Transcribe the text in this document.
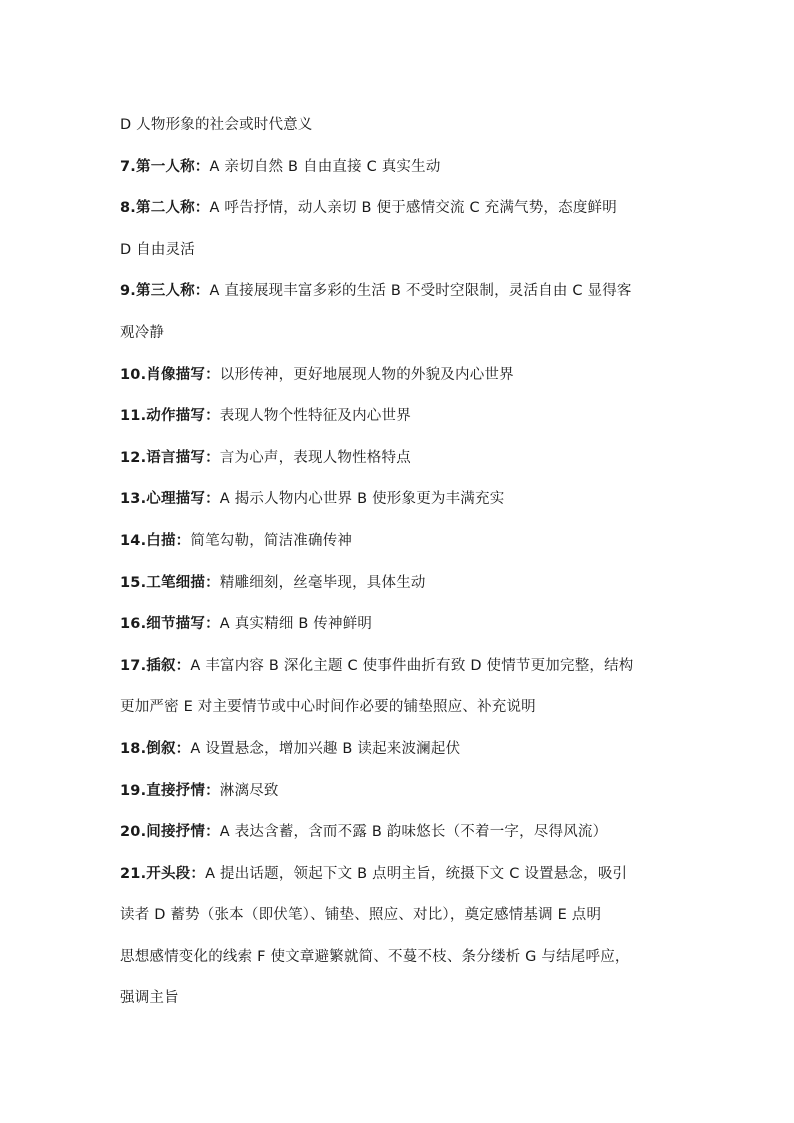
D 人物形象的社会或时代意义
7.第一人称：A 亲切自然 B 自由直接 C 真实生动
8.第二人称：A 呼告抒情，动人亲切 B 便于感情交流 C 充满气势，态度鲜明
D 自由灵活
9.第三人称：A 直接展现丰富多彩的生活 B 不受时空限制，灵活自由 C 显得客
观冷静
10.肖像描写：以形传神，更好地展现人物的外貌及内心世界
11.动作描写：表现人物个性特征及内心世界
12.语言描写：言为心声，表现人物性格特点
13.心理描写：A 揭示人物内心世界 B 使形象更为丰满充实
14.白描：简笔勾勒，简洁准确传神
15.工笔细描：精雕细刻，丝毫毕现，具体生动
16.细节描写：A 真实精细 B 传神鲜明
17.插叙：A 丰富内容 B 深化主题 C 使事件曲折有致 D 使情节更加完整，结构
更加严密 E 对主要情节或中心时间作必要的铺垫照应、补充说明
18.倒叙：A 设置悬念，增加兴趣 B 读起来波澜起伏
19.直接抒情：淋漓尽致
20.间接抒情：A 表达含蓄，含而不露 B 韵味悠长（不着一字，尽得风流）
21.开头段：A 提出话题，领起下文 B 点明主旨，统摄下文 C 设置悬念，吸引
读者 D 蓄势（张本（即伏笔）、铺垫、照应、对比），奠定感情基调 E 点明
思想感情变化的线索 F 使文章避繁就简、不蔓不枝、条分缕析 G 与结尾呼应，
强调主旨
